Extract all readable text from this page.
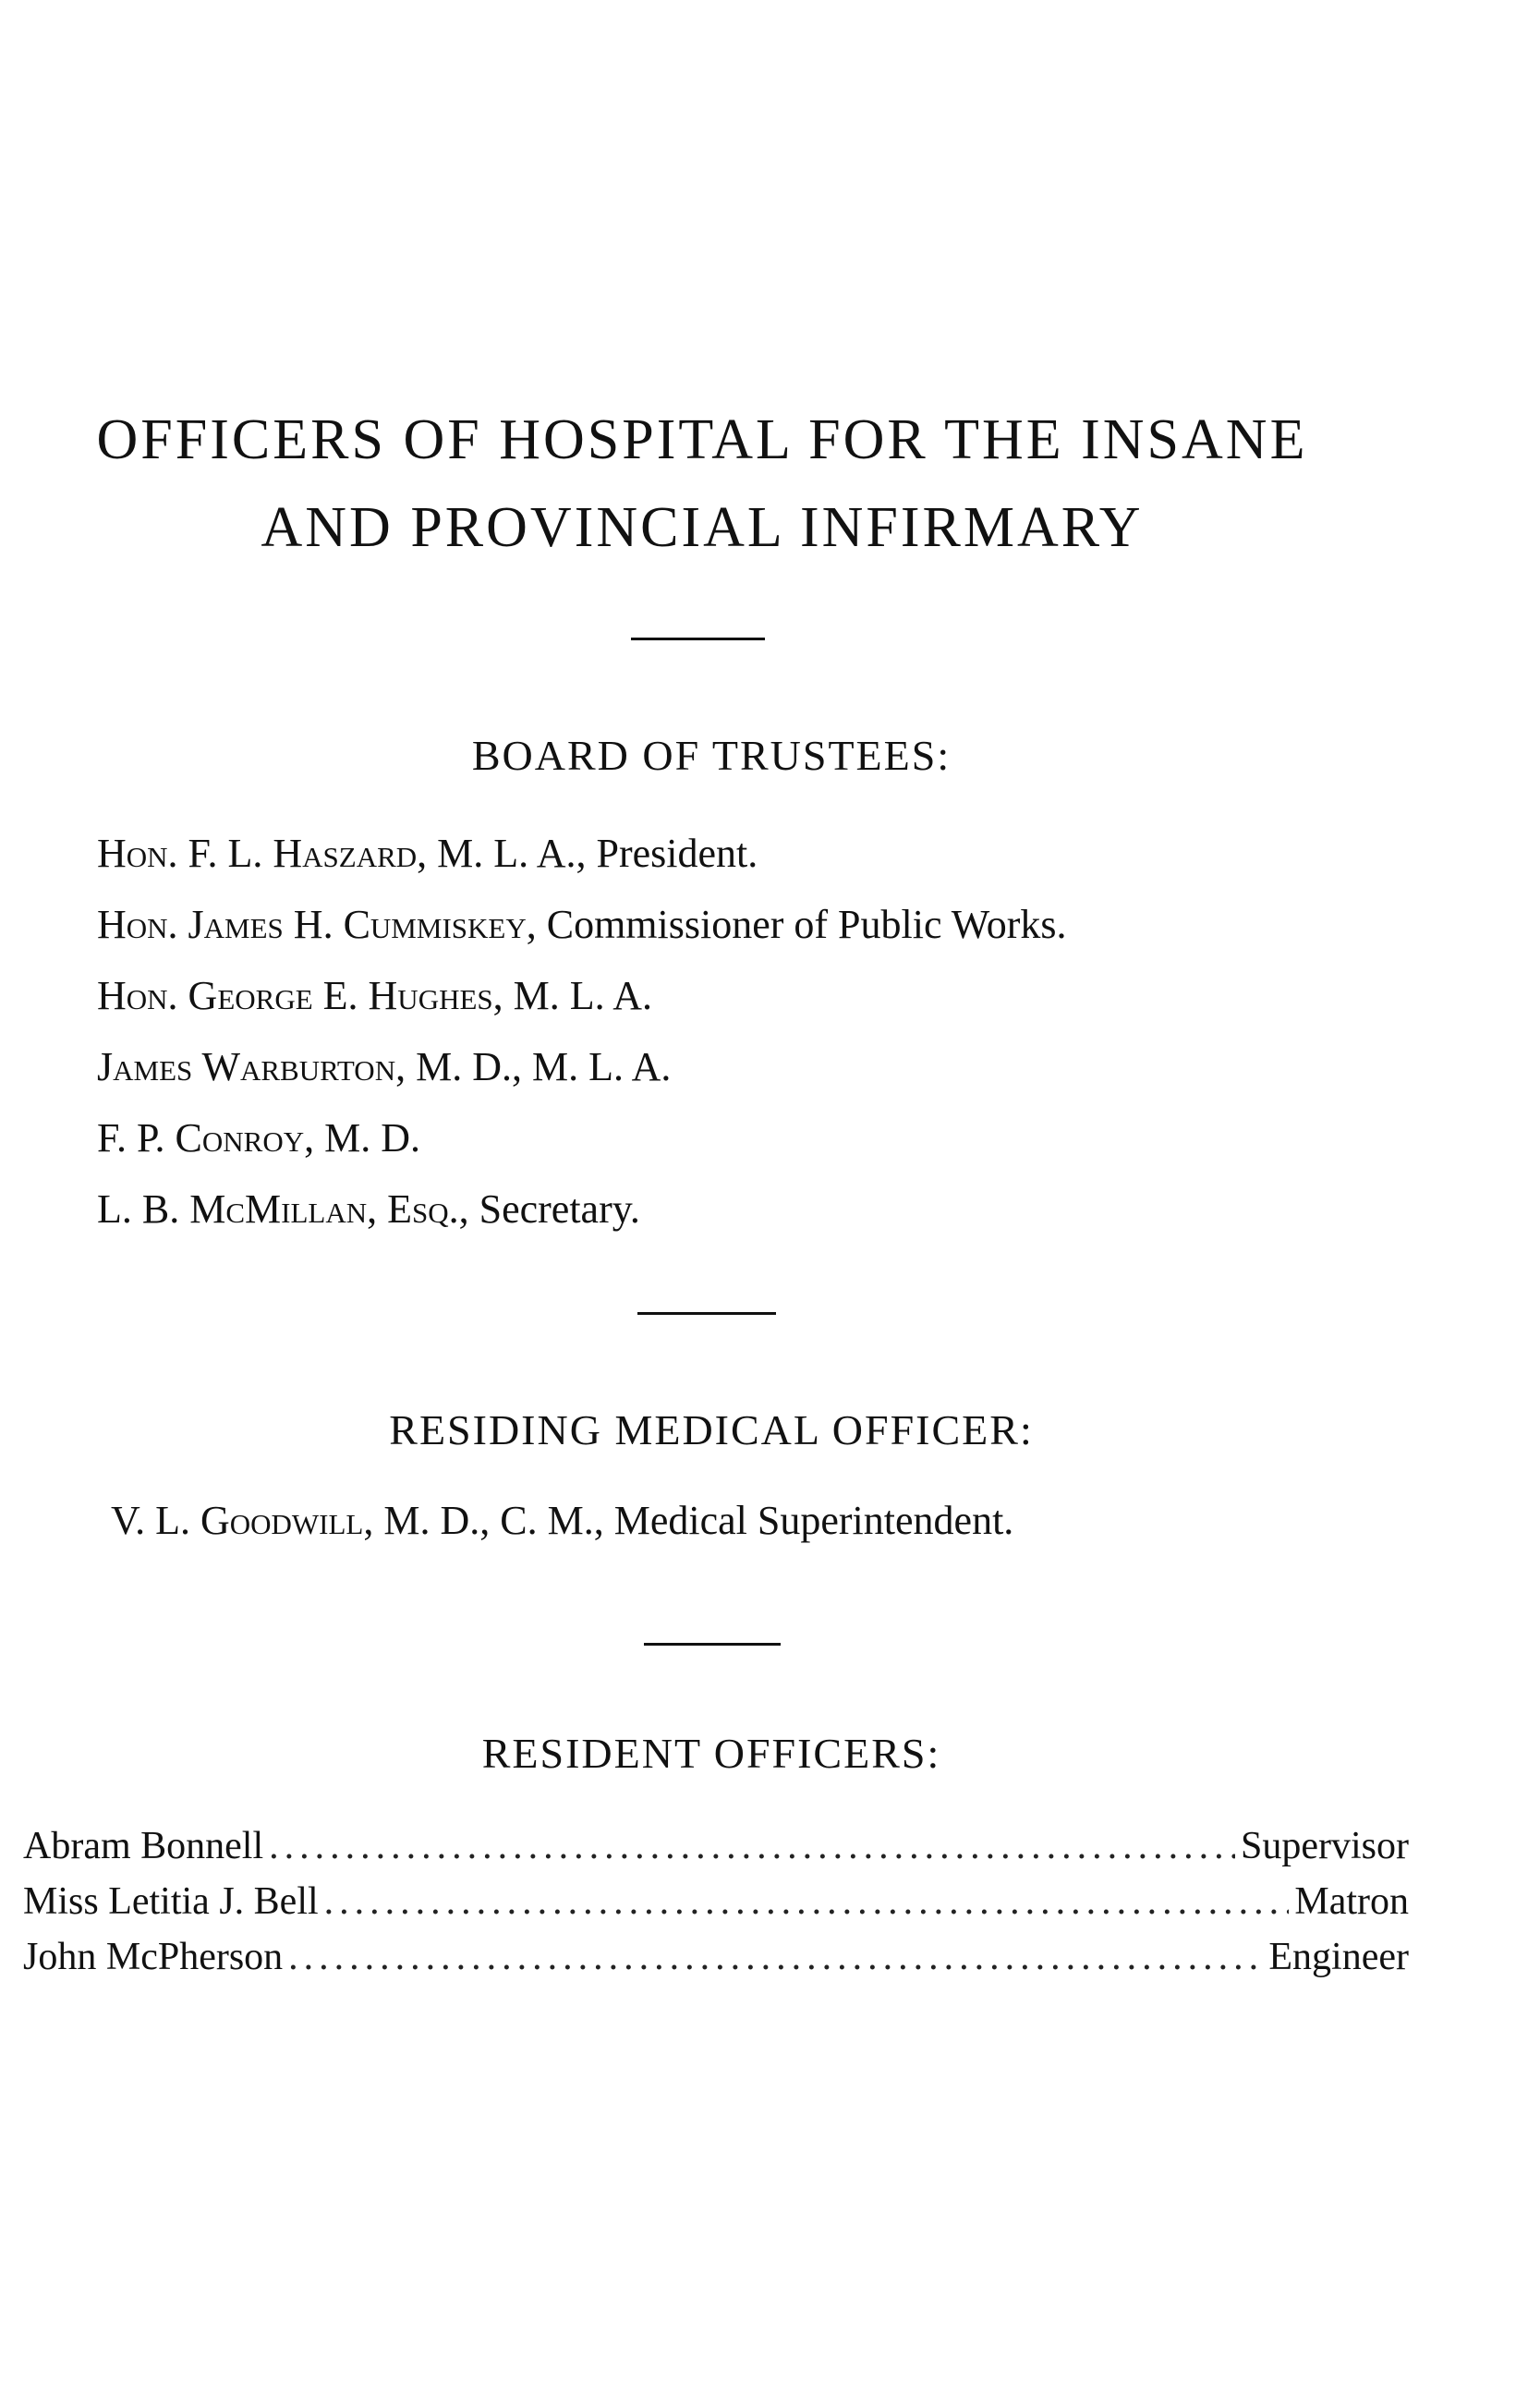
OFFICERS OF HOSPITAL FOR THE INSANE
AND PROVINCIAL INFIRMARY
BOARD OF TRUSTEES:
Hon. F. L. Haszard, M. L. A., President.
Hon. James H. Cummiskey, Commissioner of Public Works.
Hon. George E. Hughes, M. L. A.
James Warburton, M. D., M. L. A.
F. P. Conroy, M. D.
L. B. McMillan, Esq., Secretary.
RESIDING MEDICAL OFFICER:

V. L. Goodwill, M. D., C. M., Medical Superintendent.

RESIDENT OFFICERS:
Abram Bonnell .....	Supervisor
Miss Letitia J. Bell .....	Matron
John McPherson .....	Engineer
